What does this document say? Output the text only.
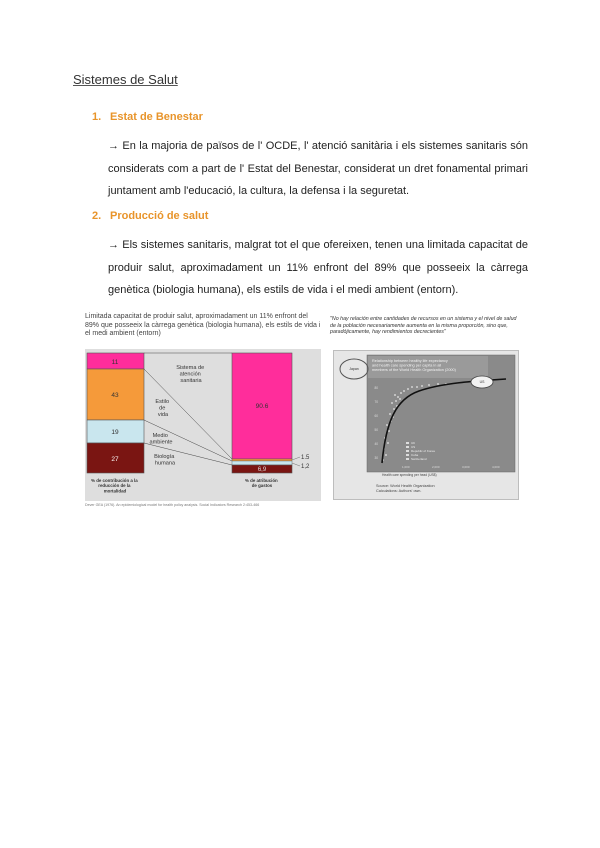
Sistemes de Salut
1. Estat de Benestar
→ En la majoria de països de l' OCDE, l' atenció sanitària i els sistemes sanitaris són considerats com a part de l' Estat del Benestar, considerat un dret fonamental primari juntament amb l'educació, la cultura, la defensa i la seguretat.
2. Producció de salut
→ Els sistemes sanitaris, malgrat tot el que ofereixen, tenen una limitada capacitat de produir salut, aproximadament un 11% enfront del 89% que posseeix la càrrega genètica (biologia humana), els estils de vida i el medi ambient (entorn).
Limitada capacitat de produir salut, aproximadament un 11% enfront del 89% que posseeix la càrrega genètica (biologia humana), els estils de vida i el medi ambient (entorn)
11
43
19
27
90.6
6,9
1.5
1,2
Sistema de atención sanitaria
Estilo de vida
Medio ambiente
Biología humana
% de contribución a la reducción de la mortalidad
% de atribución de gastos
Dever GEA (1976). An epidemiological model for health policy analysis. Social Indicators Research 2:453-466
"No hay relación entre cantidades de recursos en un sistema y el nivel de salud de la población necesariamente aumenta en la misma proporción, sino que, paradójicamente, hay rendimientos decrecientes"
Relationship between healthy life expectancy and health care spending per capita in all members of the World Health Organization (2000)
80
70
60
50
40
30
Japan
US
UK
US
Republic of Korea
Cuba
Switzerland
1,000	2,000	3,000	4,000
Health care spending per head (US$)
Source: World Health Organization Calculations: Authors' own.
